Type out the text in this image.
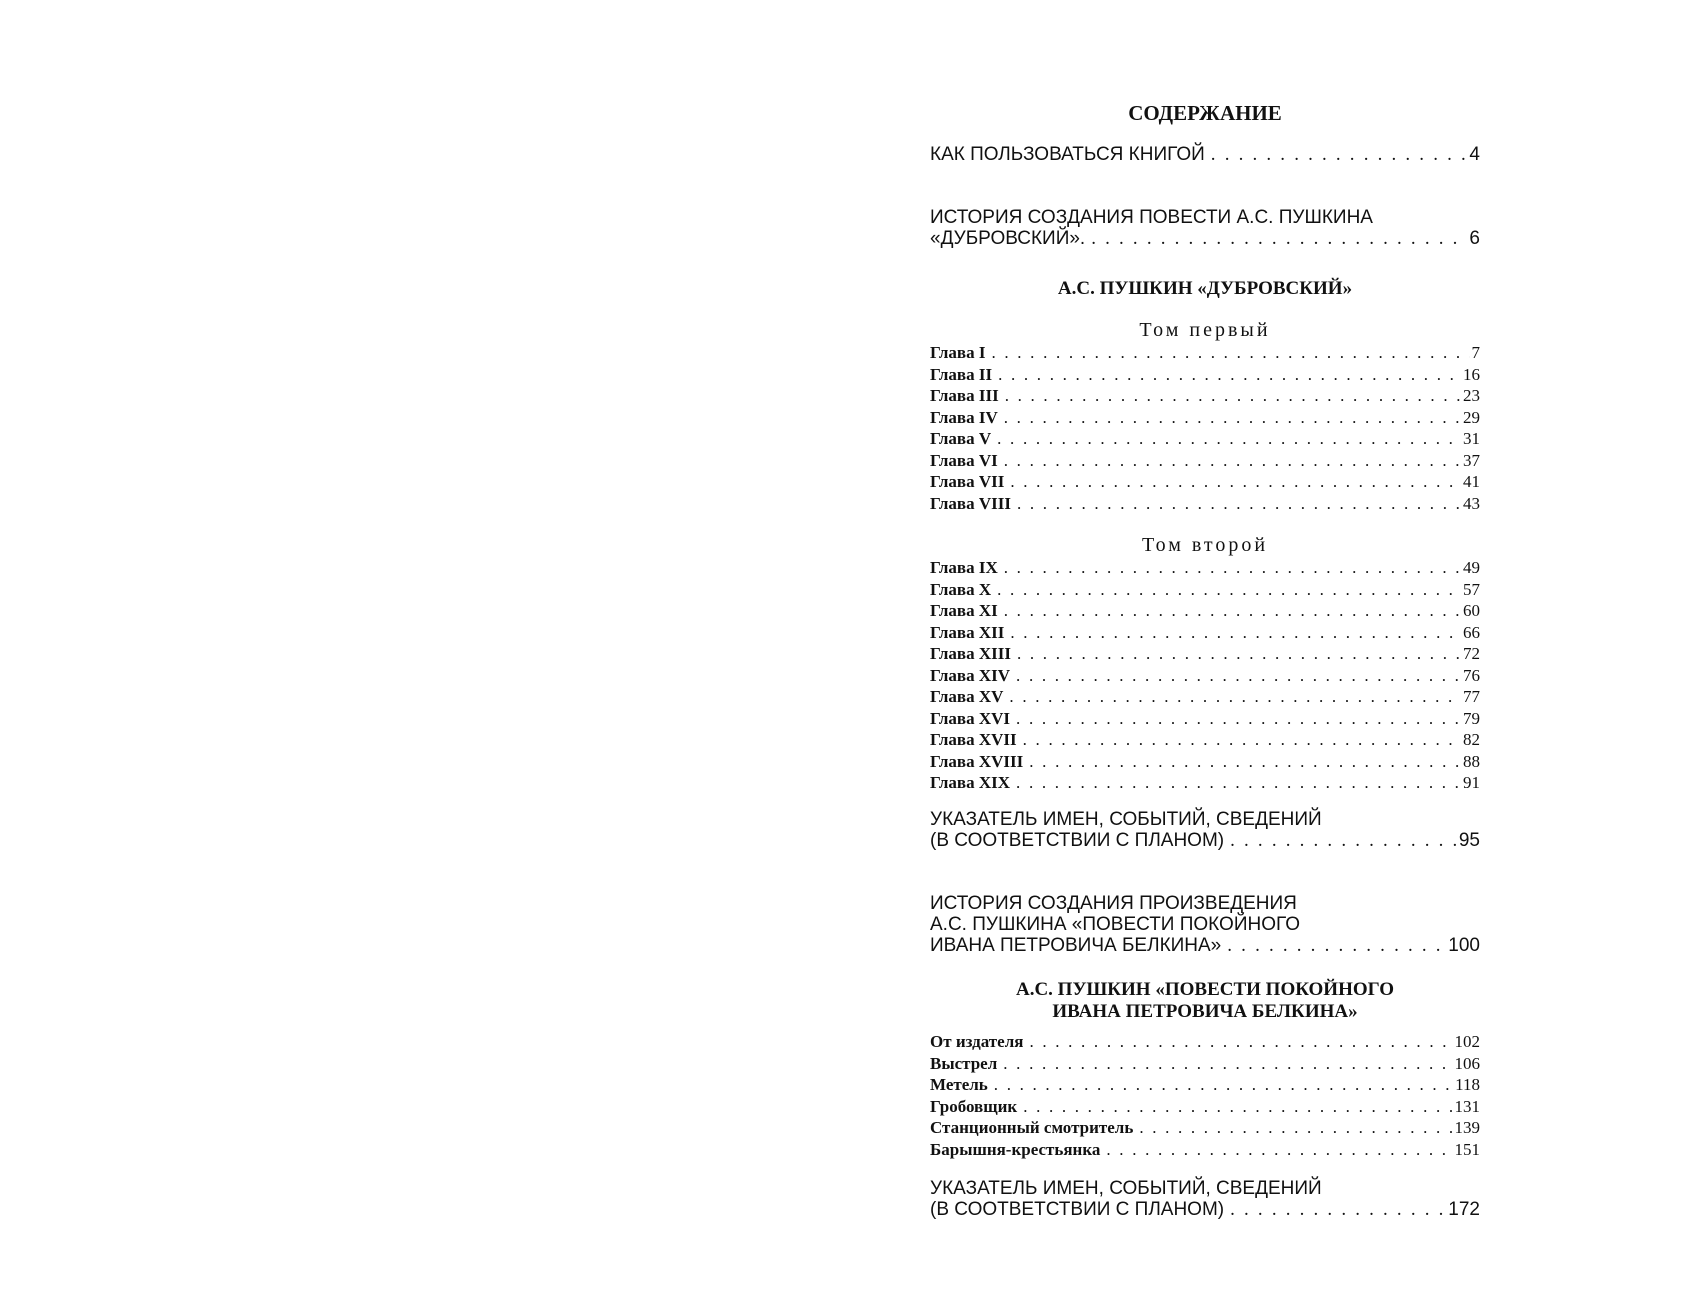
СОДЕРЖАНИЕ
КАК ПОЛЬЗОВАТЬСЯ КНИГОЙ . . .	4
ИСТОРИЯ СОЗДАНИЯ ПОВЕСТИ А.С. ПУШКИНА
«ДУБРОВСКИЙ». . . .	6
А.С. ПУШКИН «ДУБРОВСКИЙ»
Том первый
Глава I . . .	7
Глава II . . .	16
Глава III . . .	23
Глава IV . . .	29
Глава V . . .	31
Глава VI . . .	37
Глава VII . . .	41
Глава VIII . . .	43
Том второй
Глава IX . . .	49
Глава X . . .	57
Глава XI . . .	60
Глава XII . . .	66
Глава XIII . . .	72
Глава XIV . . .	76
Глава XV . . .	77
Глава XVI . . .	79
Глава XVII . . .	82
Глава XVIII . . .	88
Глава XIX . . .	91
УКАЗАТЕЛЬ ИМЕН, СОБЫТИЙ, СВЕДЕНИЙ
(В СООТВЕТСТВИИ С ПЛАНОМ) . . .	95
ИСТОРИЯ СОЗДАНИЯ ПРОИЗВЕДЕНИЯ
А.С. ПУШКИНА «ПОВЕСТИ ПОКОЙНОГО
ИВАНА ПЕТРОВИЧА БЕЛКИНА» . . .	100
А.С. ПУШКИН «ПОВЕСТИ ПОКОЙНОГО
ИВАНА ПЕТРОВИЧА БЕЛКИНА»
От издателя . . .	102
Выстрел . . .	106
Метель . . .	118
Гробовщик . . .	131
Станционный смотритель . . .	139
Барышня-крестьянка . . .	151
УКАЗАТЕЛЬ ИМЕН, СОБЫТИЙ, СВЕДЕНИЙ
(В СООТВЕТСТВИИ С ПЛАНОМ) . . .	172
